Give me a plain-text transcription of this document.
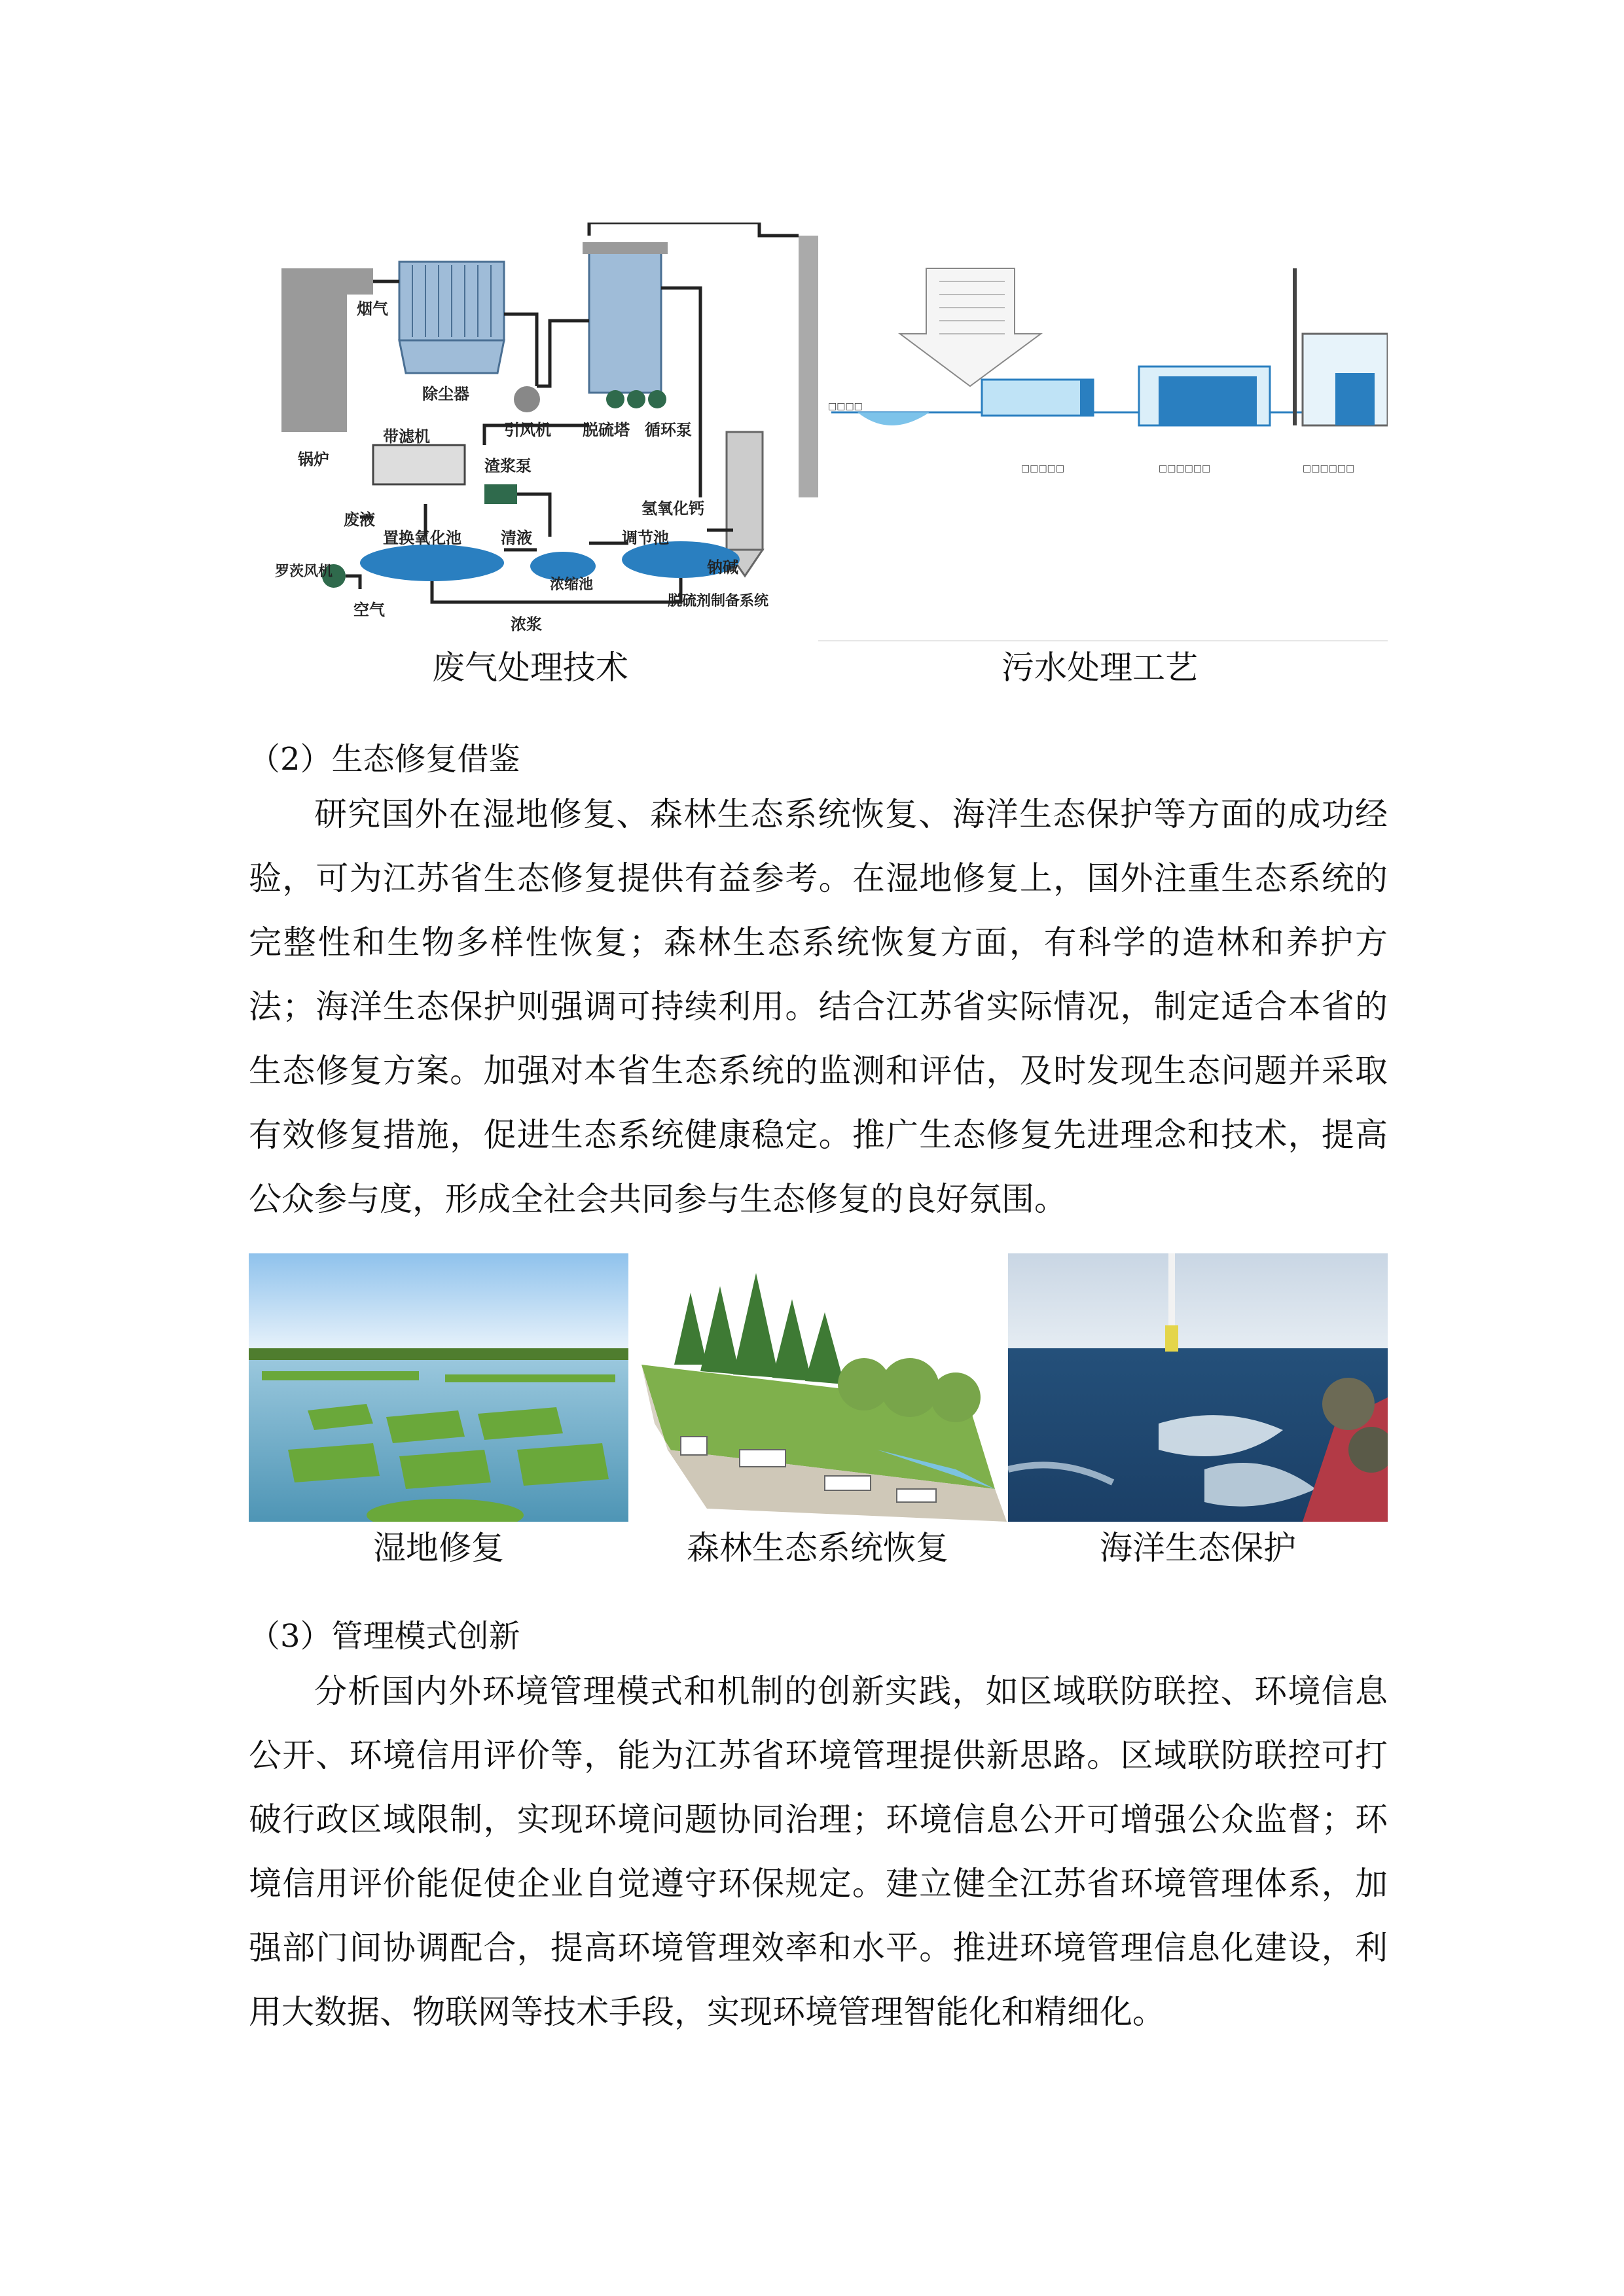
烟气
除尘器
锅炉
引风机 脱硫塔 循环泵
带滤机
渣浆泵
氢氧化钙
废液
置换氧化池	清液	调节池
钠碱
罗茨风机
空气
浓浆
浓缩池
脱硫剂制备系统
废气处理技术
□□□□
□□□□□	□□□□□□	□□□□□□
污水处理工艺
（2）生态修复借鉴
研究国外在湿地修复、森林生态系统恢复、海洋生态保护等方面的成功经验，可为江苏省生态修复提供有益参考。在湿地修复上，国外注重生态系统的完整性和生物多样性恢复；森林生态系统恢复方面，有科学的造林和养护方法；海洋生态保护则强调可持续利用。结合江苏省实际情况，制定适合本省的生态修复方案。加强对本省生态系统的监测和评估，及时发现生态问题并采取有效修复措施，促进生态系统健康稳定。推广生态修复先进理念和技术，提高公众参与度，形成全社会共同参与生态修复的良好氛围。
湿地修复	森林生态系统恢复	海洋生态保护
（3）管理模式创新
分析国内外环境管理模式和机制的创新实践，如区域联防联控、环境信息公开、环境信用评价等，能为江苏省环境管理提供新思路。区域联防联控可打破行政区域限制，实现环境问题协同治理；环境信息公开可增强公众监督；环境信用评价能促使企业自觉遵守环保规定。建立健全江苏省环境管理体系，加强部门间协调配合，提高环境管理效率和水平。推进环境管理信息化建设，利用大数据、物联网等技术手段，实现环境管理智能化和精细化。
